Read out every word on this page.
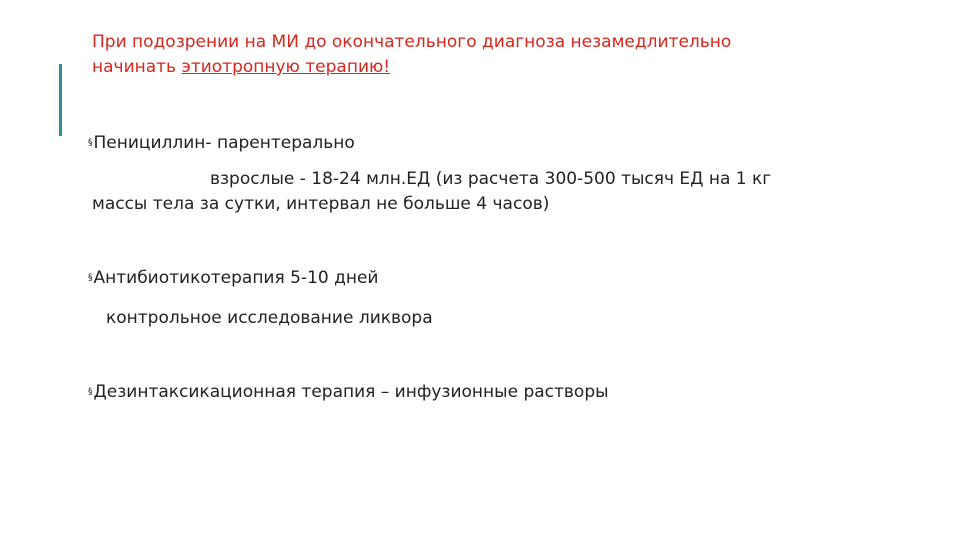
При подозрении на МИ до окончательного диагноза незамедлительно
начинать этиотропную терапию!
§Пенициллин- парентерально
взрослые - 18-24 млн.ЕД (из расчета 300-500 тысяч ЕД на 1 кг
массы тела за сутки, интервал не больше 4 часов)
§Антибиотикотерапия 5-10 дней
контрольное исследование ликвора
§Дезинтаксикационная терапия – инфузионные растворы
